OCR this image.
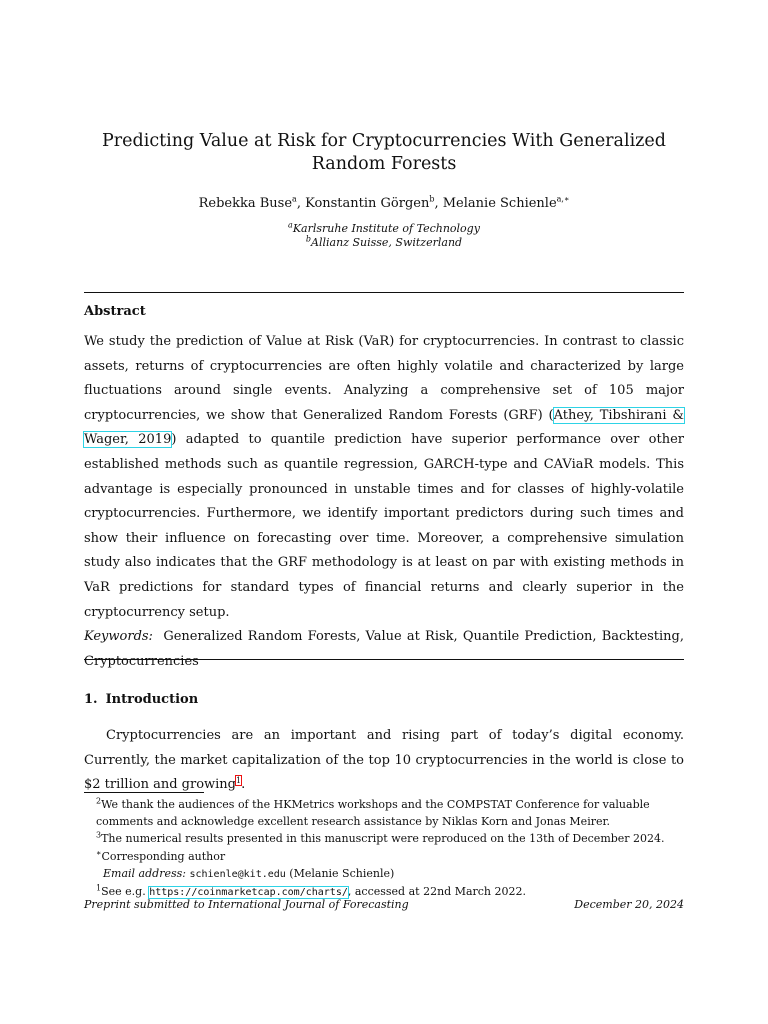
Predicting Value at Risk for Cryptocurrencies With Generalized Random Forests
Rebekka Buse$^a$, Konstantin Görgen$^b$, Melanie Schienle$^{a,∗}$
$^a$Karlsruhe Institute of Technology
$^b$Allianz Suisse, Switzerland
Abstract
We study the prediction of Value at Risk (VaR) for cryptocurrencies. In contrast to classic assets, returns of cryptocurrencies are often highly volatile and characterized by large fluctuations around single events. Analyzing a comprehensive set of 105 major cryptocurrencies, we show that Generalized Random Forests (GRF) (Athey, Tibshirani & Wager, 2019) adapted to quantile prediction have superior performance over other established methods such as quantile regression, GARCH-type and CAViaR models. This advantage is especially pronounced in unstable times and for classes of highly-volatile cryptocurrencies. Furthermore, we identify important predictors during such times and show their influence on forecasting over time. Moreover, a comprehensive simulation study also indicates that the GRF methodology is at least on par with existing methods in VaR predictions for standard types of financial returns and clearly superior in the cryptocurrency setup.
Keywords: Generalized Random Forests, Value at Risk, Quantile Prediction, Backtesting, Cryptocurrencies
1. Introduction
Cryptocurrencies are an important and rising part of today’s digital economy. Currently, the market capitalization of the top 10 cryptocurrencies in the world is close to $2 trillion and growing$^1$.
$^2$We thank the audiences of the HKMetrics workshops and the COMPSTAT Conference for valuable comments and acknowledge excellent research assistance by Niklas Korn and Jonas Meirer.
$^3$The numerical results presented in this manuscript were reproduced on the 13th of December 2024.
∗Corresponding author
Email address: schienle@kit.edu (Melanie Schienle)
$^1$See e.g. https://coinmarketcap.com/charts/, accessed at 22nd March 2022.
Preprint submitted to International Journal of Forecasting	December 20, 2024
